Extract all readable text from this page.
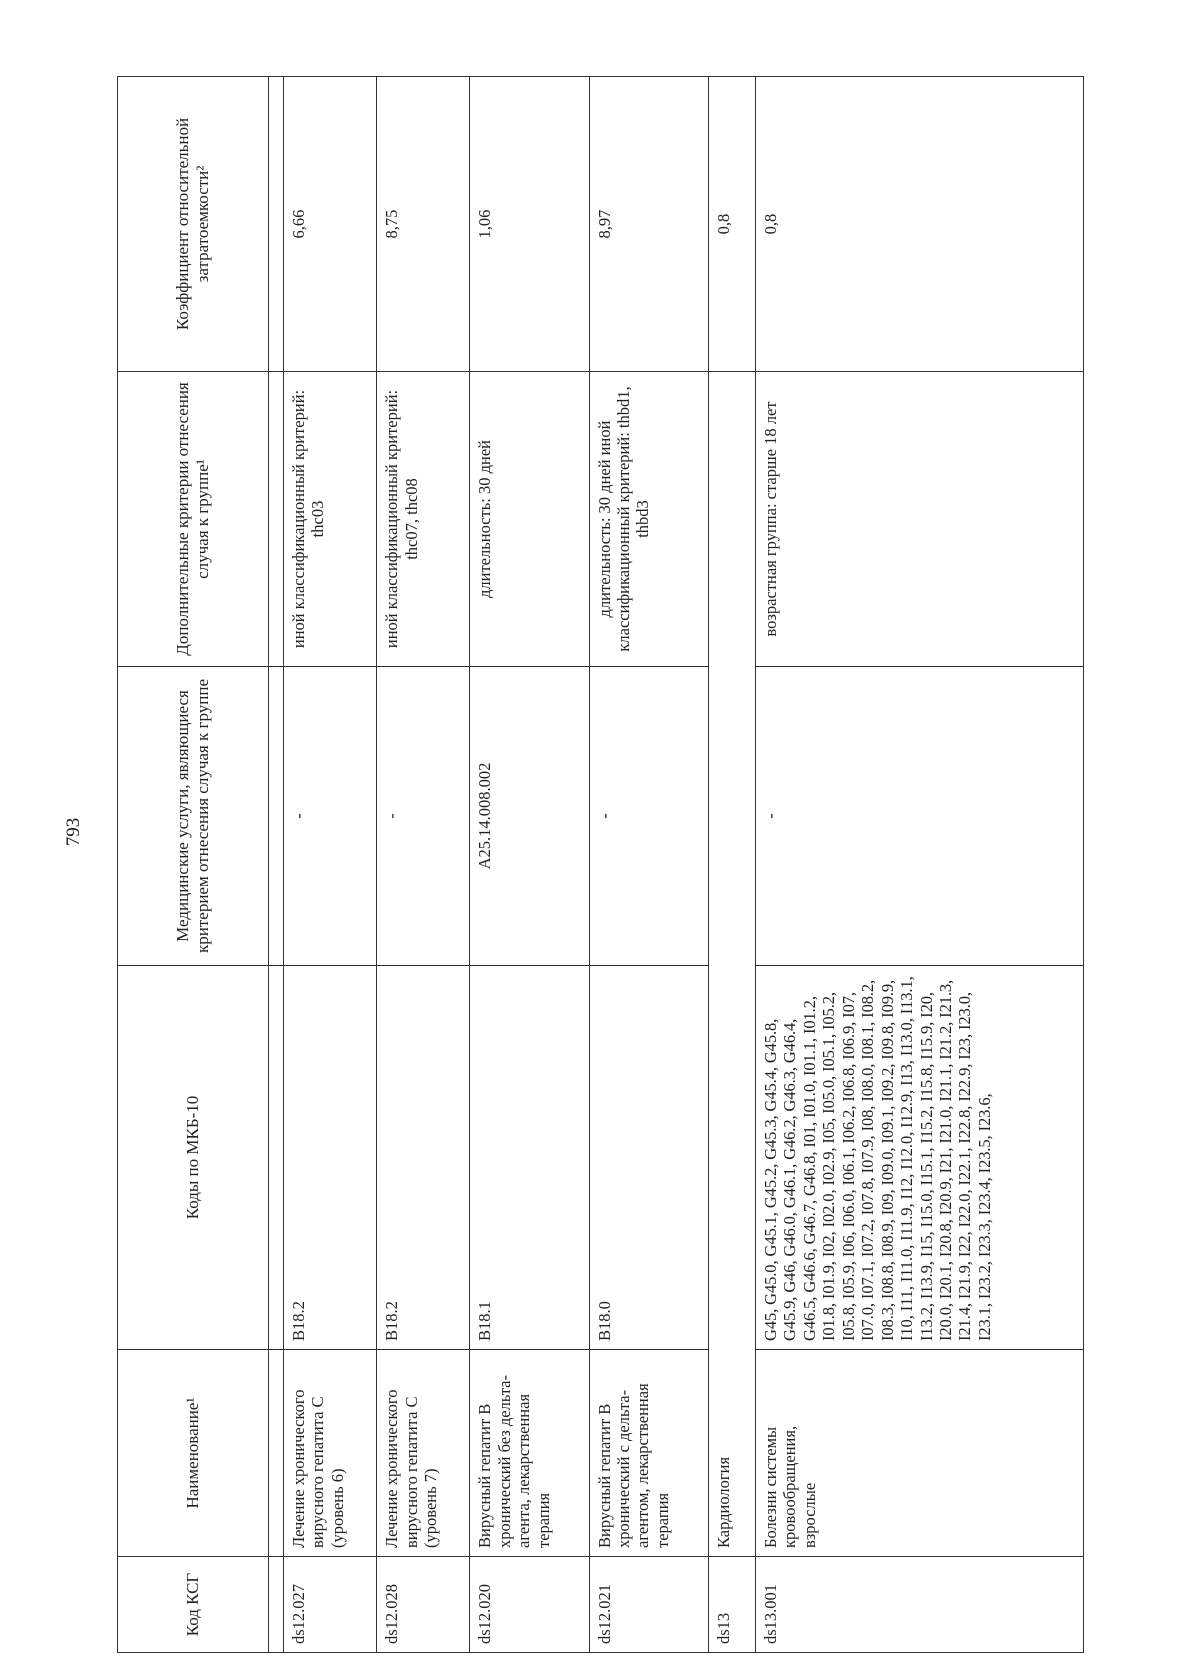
793
Код КСГ	Наименование¹	Коды по МКБ-10	Медицинские услуги, являющиеся критерием отнесения случая к группе	Дополнительные критерии отнесения случая к группе¹	Коэффициент относительной затратоемкости²

ds12.027	Лечение хронического вирусного гепатита С (уровень 6)	B18.2	-	иной классификационный критерий: thc03	6,66
ds12.028	Лечение хронического вирусного гепатита С (уровень 7)	B18.2	-	иной классификационный критерий: thc07, thc08	8,75
ds12.020	Вирусный гепатит В хронический без дельта-агента, лекарственная терапия	B18.1	A25.14.008.002	длительность: 30 дней	1,06
ds12.021	Вирусный гепатит В хронический с дельта-агентом, лекарственная терапия	B18.0	-	длительность: 30 дней иной классификационный критерий: thbd1, thbd3	8,97
ds13	Кардиология				0,8
ds13.001	Болезни системы кровообращения, взрослые	G45, G45.0, G45.1, G45.2, G45.3, G45.4, G45.8, G45.9, G46, G46.0, G46.1, G46.2, G46.3, G46.4, G46.5, G46.6, G46.7, G46.8, I01, I01.0, I01.1, I01.2, I01.8, I01.9, I02, I02.0, I02.9, I05, I05.0, I05.1, I05.2, I05.8, I05.9, I06, I06.0, I06.1, I06.2, I06.8, I06.9, I07, I07.0, I07.1, I07.2, I07.8, I07.9, I08, I08.0, I08.1, I08.2, I08.3, I08.8, I08.9, I09, I09.0, I09.1, I09.2, I09.8, I09.9, I10, I11, I11.0, I11.9, I12, I12.0, I12.9, I13, I13.0, I13.1, I13.2, I13.9, I15, I15.0, I15.1, I15.2, I15.8, I15.9, I20, I20.0, I20.1, I20.8, I20.9, I21, I21.0, I21.1, I21.2, I21.3, I21.4, I21.9, I22, I22.0, I22.1, I22.8, I22.9, I23, I23.0, I23.1, I23.2, I23.3, I23.4, I23.5, I23.6,	-	возрастная группа: старше 18 лет	0,8
